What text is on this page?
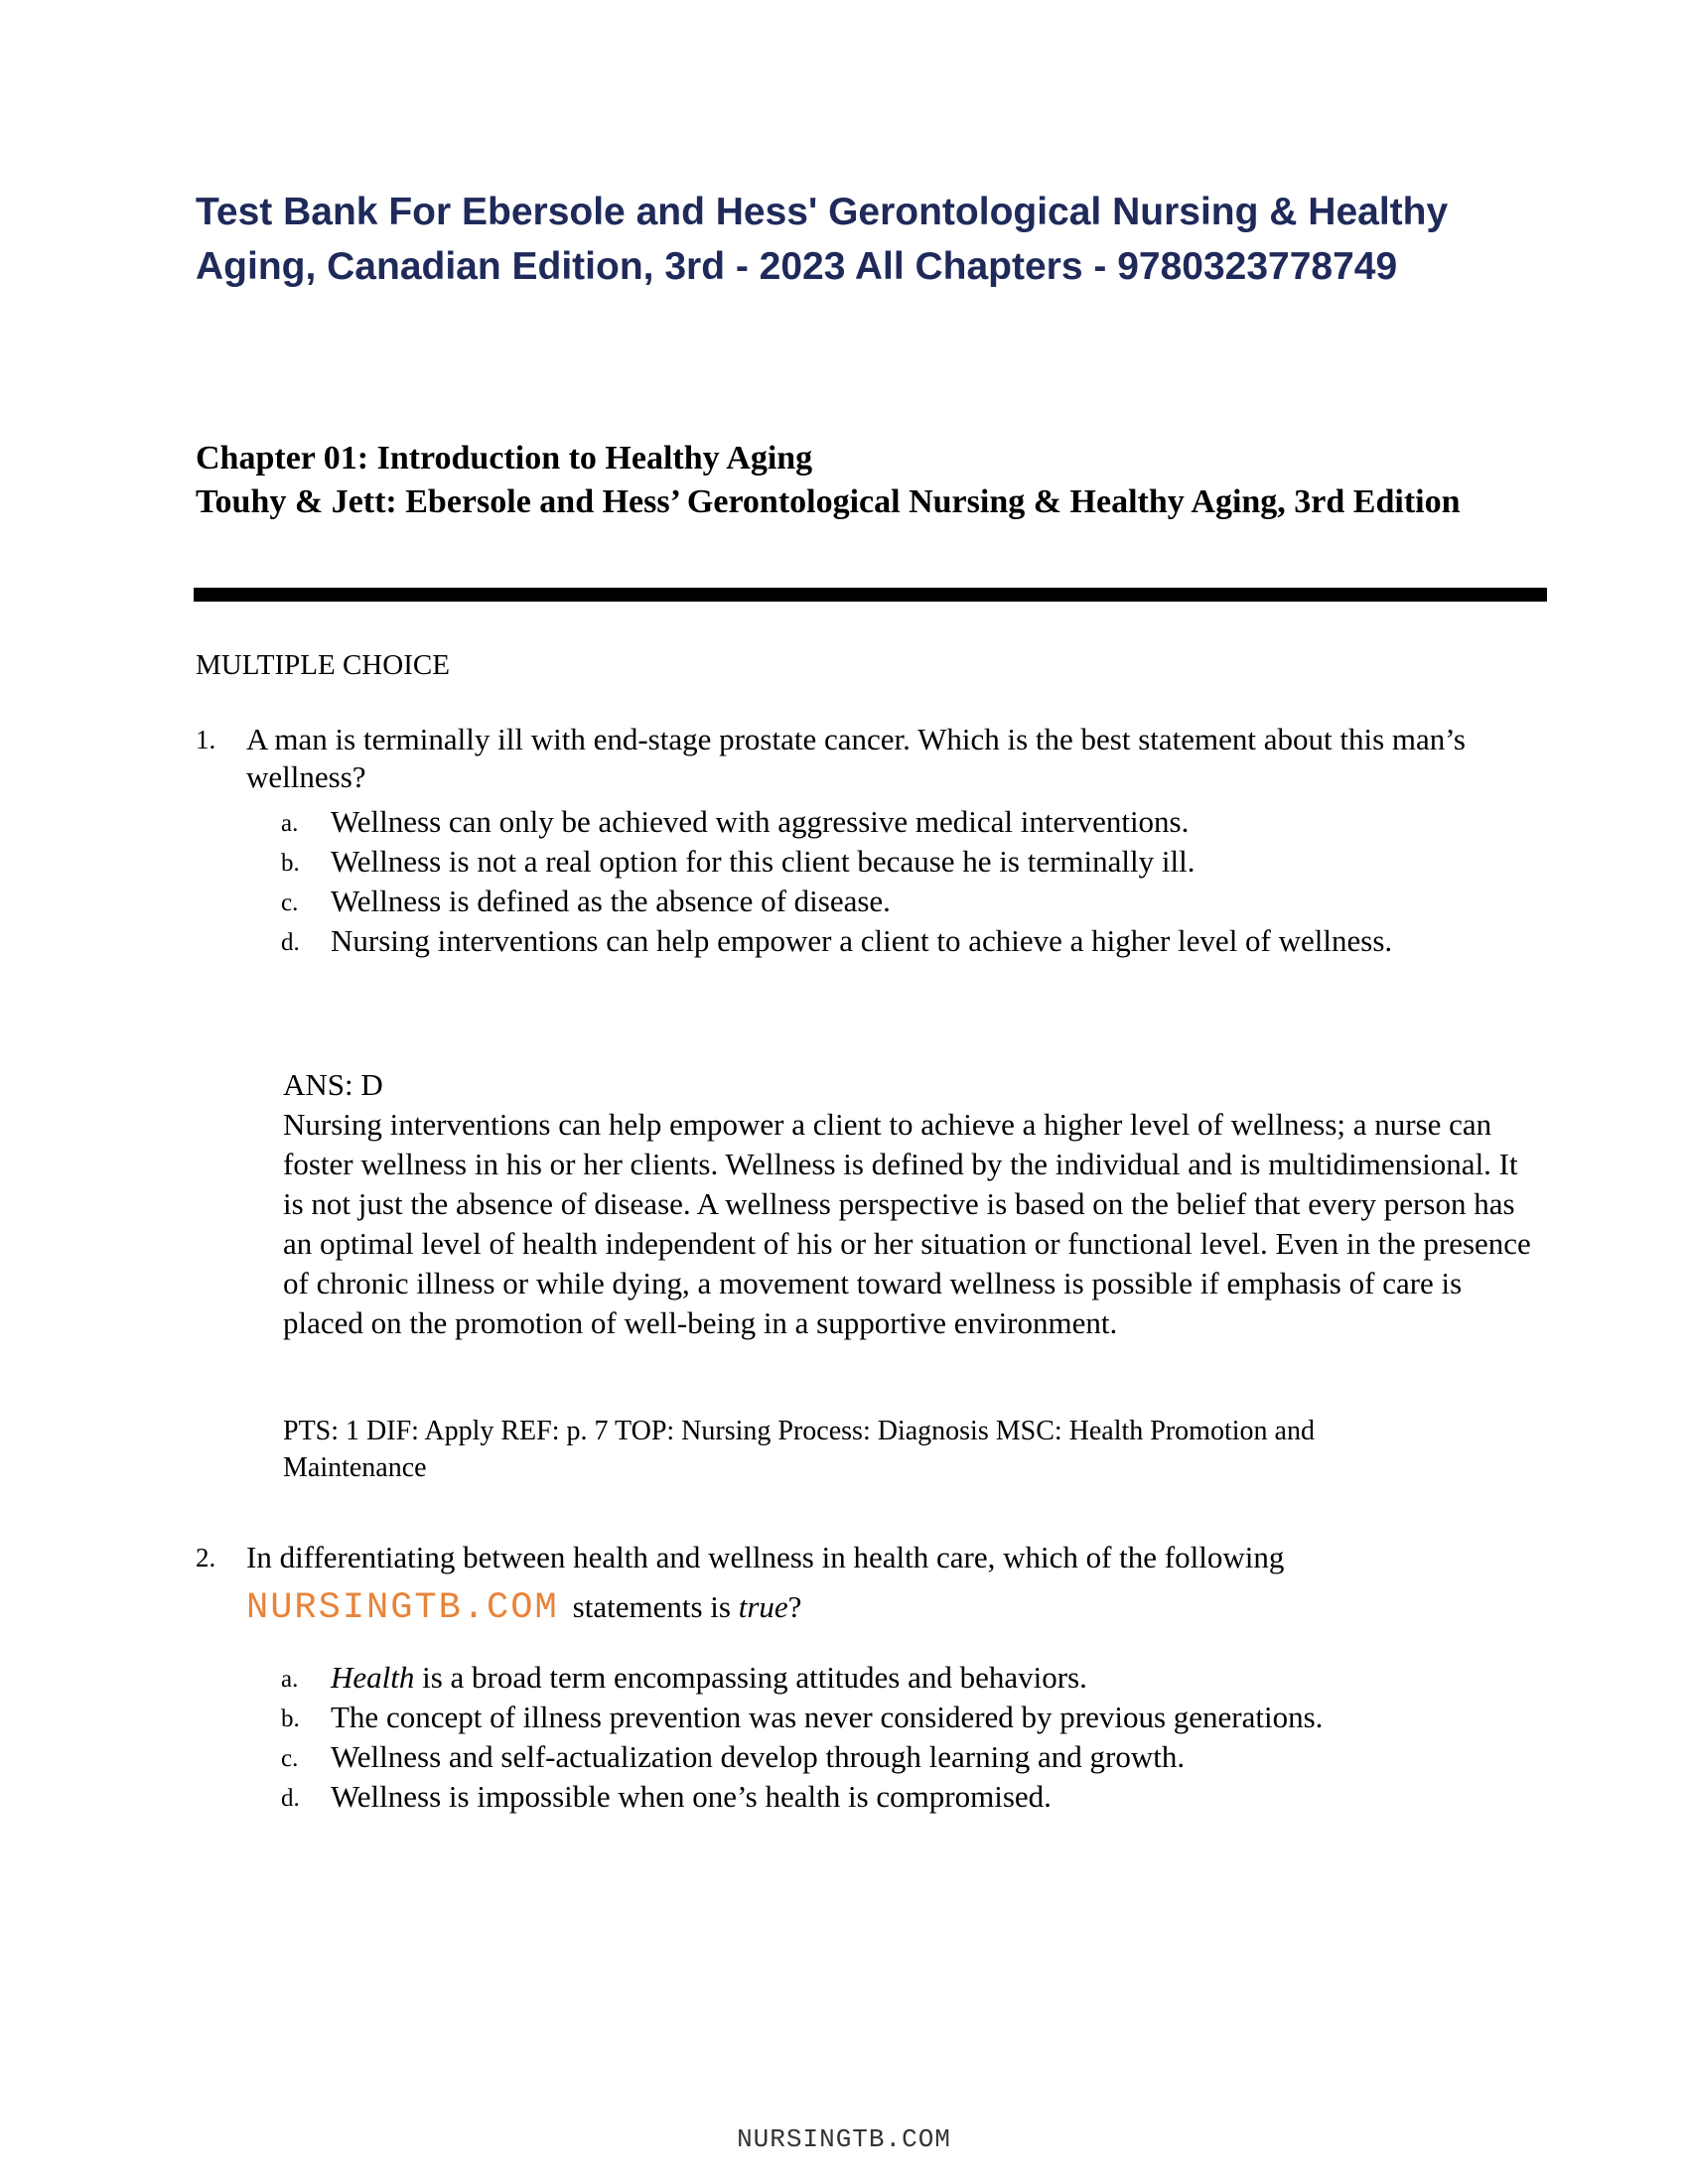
Test Bank For Ebersole and Hess' Gerontological Nursing & Healthy Aging, Canadian Edition, 3rd - 2023 All Chapters - 9780323778749
Chapter 01: Introduction to Healthy Aging
Touhy & Jett: Ebersole and Hess’ Gerontological Nursing & Healthy Aging, 3rd Edition
MULTIPLE CHOICE
1. A man is terminally ill with end-stage prostate cancer. Which is the best statement about this man’s wellness?
a. Wellness can only be achieved with aggressive medical interventions.
b. Wellness is not a real option for this client because he is terminally ill.
c. Wellness is defined as the absence of disease.
d. Nursing interventions can help empower a client to achieve a higher level of wellness.
ANS: D
Nursing interventions can help empower a client to achieve a higher level of wellness; a nurse can foster wellness in his or her clients. Wellness is defined by the individual and is multidimensional. It is not just the absence of disease. A wellness perspective is based on the belief that every person has an optimal level of health independent of his or her situation or functional level. Even in the presence of chronic illness or while dying, a movement toward wellness is possible if emphasis of care is placed on the promotion of well-being in a supportive environment.
PTS: 1 DIF: Apply REF: p. 7 TOP: Nursing Process: Diagnosis MSC: Health Promotion and Maintenance
2. In differentiating between health and wellness in health care, which of the following
NURSINGTB.COM statements is true?
a. Health is a broad term encompassing attitudes and behaviors.
b. The concept of illness prevention was never considered by previous generations.
c. Wellness and self-actualization develop through learning and growth.
d. Wellness is impossible when one’s health is compromised.
NURSINGTB.COM
